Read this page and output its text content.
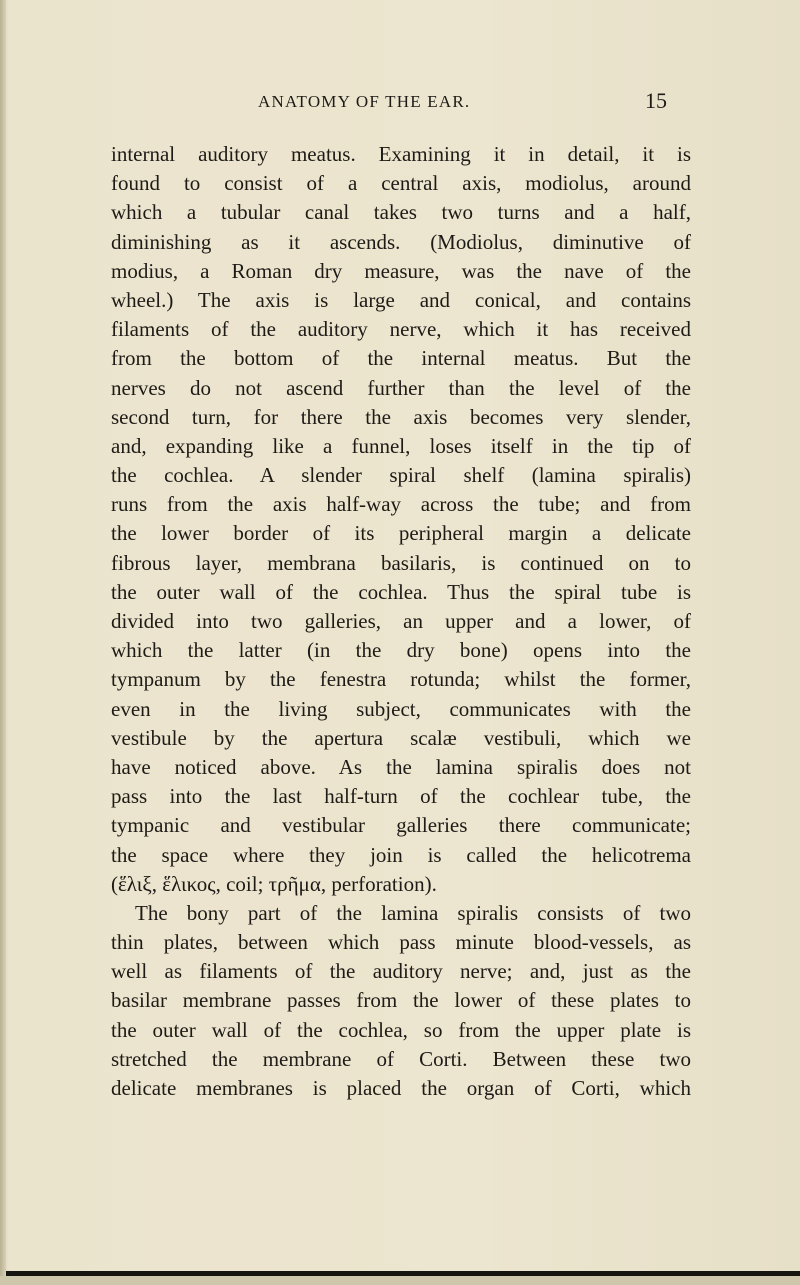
ANATOMY OF THE EAR.	15
internal auditory meatus. Examining it in detail, it is
found to consist of a central axis, modiolus, around
which a tubular canal takes two turns and a half,
diminishing as it ascends. (Modiolus, diminutive of
modius, a Roman dry measure, was the nave of the
wheel.) The axis is large and conical, and contains
filaments of the auditory nerve, which it has received
from the bottom of the internal meatus. But the
nerves do not ascend further than the level of the
second turn, for there the axis becomes very slender,
and, expanding like a funnel, loses itself in the tip of
the cochlea. A slender spiral shelf (lamina spiralis)
runs from the axis half-way across the tube; and from
the lower border of its peripheral margin a delicate
fibrous layer, membrana basilaris, is continued on to
the outer wall of the cochlea. Thus the spiral tube is
divided into two galleries, an upper and a lower, of
which the latter (in the dry bone) opens into the
tympanum by the fenestra rotunda; whilst the former,
even in the living subject, communicates with the
vestibule by the apertura scalæ vestibuli, which we
have noticed above. As the lamina spiralis does not
pass into the last half-turn of the cochlear tube, the
tympanic and vestibular galleries there communicate;
the space where they join is called the helicotrema
(ἕλιξ, ἕλικος, coil; τρῆμα, perforation).
The bony part of the lamina spiralis consists of two
thin plates, between which pass minute blood-vessels, as
well as filaments of the auditory nerve; and, just as the
basilar membrane passes from the lower of these plates to
the outer wall of the cochlea, so from the upper plate is
stretched the membrane of Corti. Between these two
delicate membranes is placed the organ of Corti, which
